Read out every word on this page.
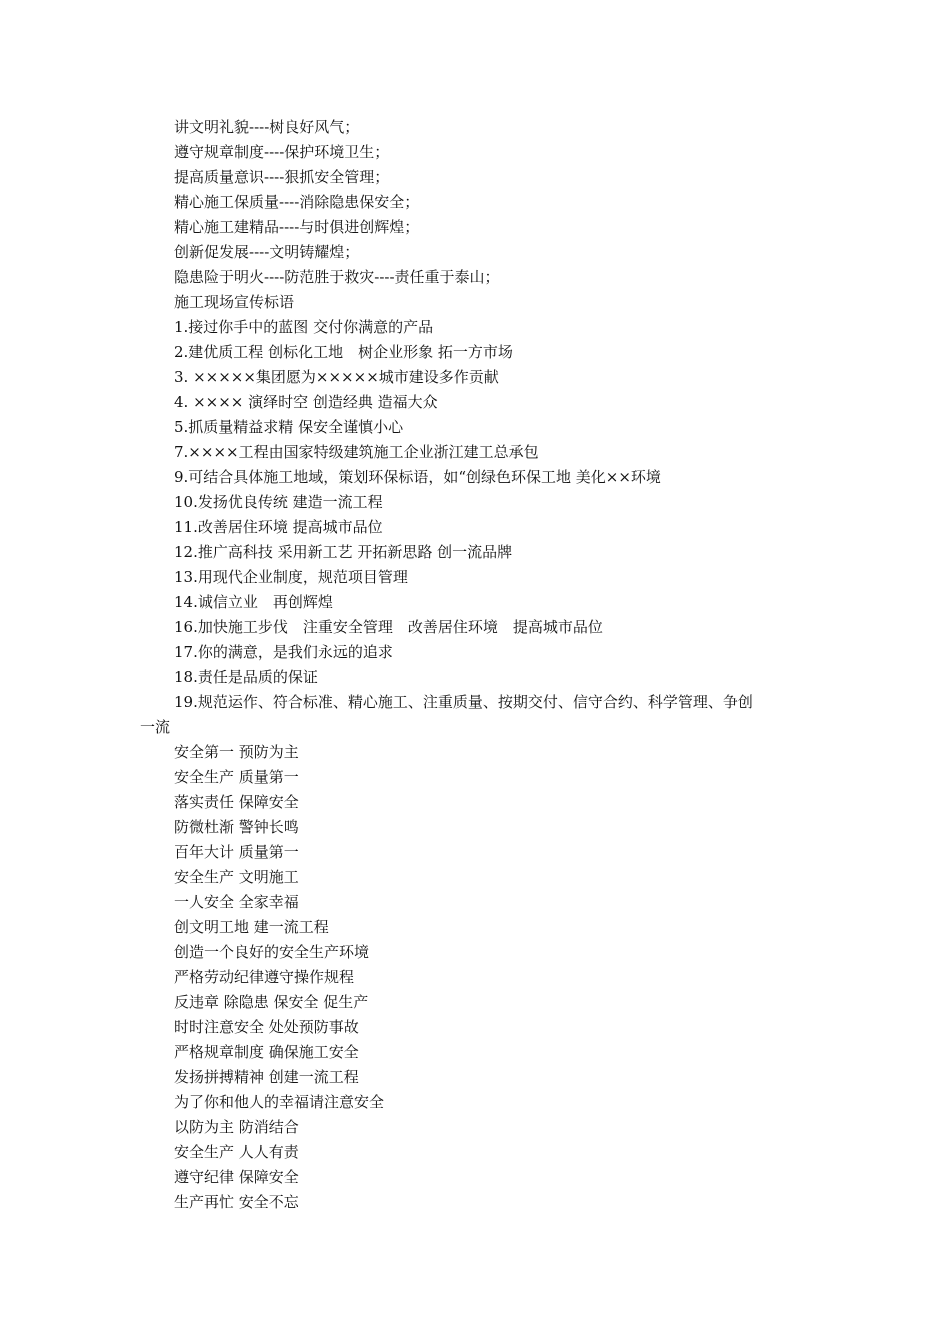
讲文明礼貌----树良好风气；
遵守规章制度----保护环境卫生；
提高质量意识----狠抓安全管理；
精心施工保质量----消除隐患保安全；
精心施工建精品----与时俱进创辉煌；
创新促发展----文明铸耀煌；
隐患险于明火----防范胜于救灾----责任重于泰山；
施工现场宣传标语
1.接过你手中的蓝图 交付你满意的产品
2.建优质工程 创标化工地　树企业形象 拓一方市场
3. ×××××集团愿为×××××城市建设多作贡献
4. ×××× 演绎时空 创造经典 造福大众
5.抓质量精益求精 保安全谨慎小心
7.××××工程由国家特级建筑施工企业浙江建工总承包
9.可结合具体施工地域，策划环保标语，如“创绿色环保工地 美化××环境
10.发扬优良传统 建造一流工程
11.改善居住环境 提高城市品位
12.推广高科技 采用新工艺 开拓新思路 创一流品牌
13.用现代企业制度，规范项目管理
14.诚信立业　再创辉煌
16.加快施工步伐　注重安全管理　改善居住环境　提高城市品位
17.你的满意，是我们永远的追求
18.责任是品质的保证
19.规范运作、符合标准、精心施工、注重质量、按期交付、信守合约、科学管理、争创
一流
安全第一 预防为主
安全生产 质量第一
落实责任 保障安全
防微杜渐 警钟长鸣
百年大计 质量第一
安全生产 文明施工
一人安全 全家幸福
创文明工地 建一流工程
创造一个良好的安全生产环境
严格劳动纪律遵守操作规程
反违章 除隐患 保安全 促生产
时时注意安全 处处预防事故
严格规章制度 确保施工安全
发扬拼搏精神 创建一流工程
为了你和他人的幸福请注意安全
以防为主 防消结合
安全生产 人人有责
遵守纪律 保障安全
生产再忙 安全不忘
